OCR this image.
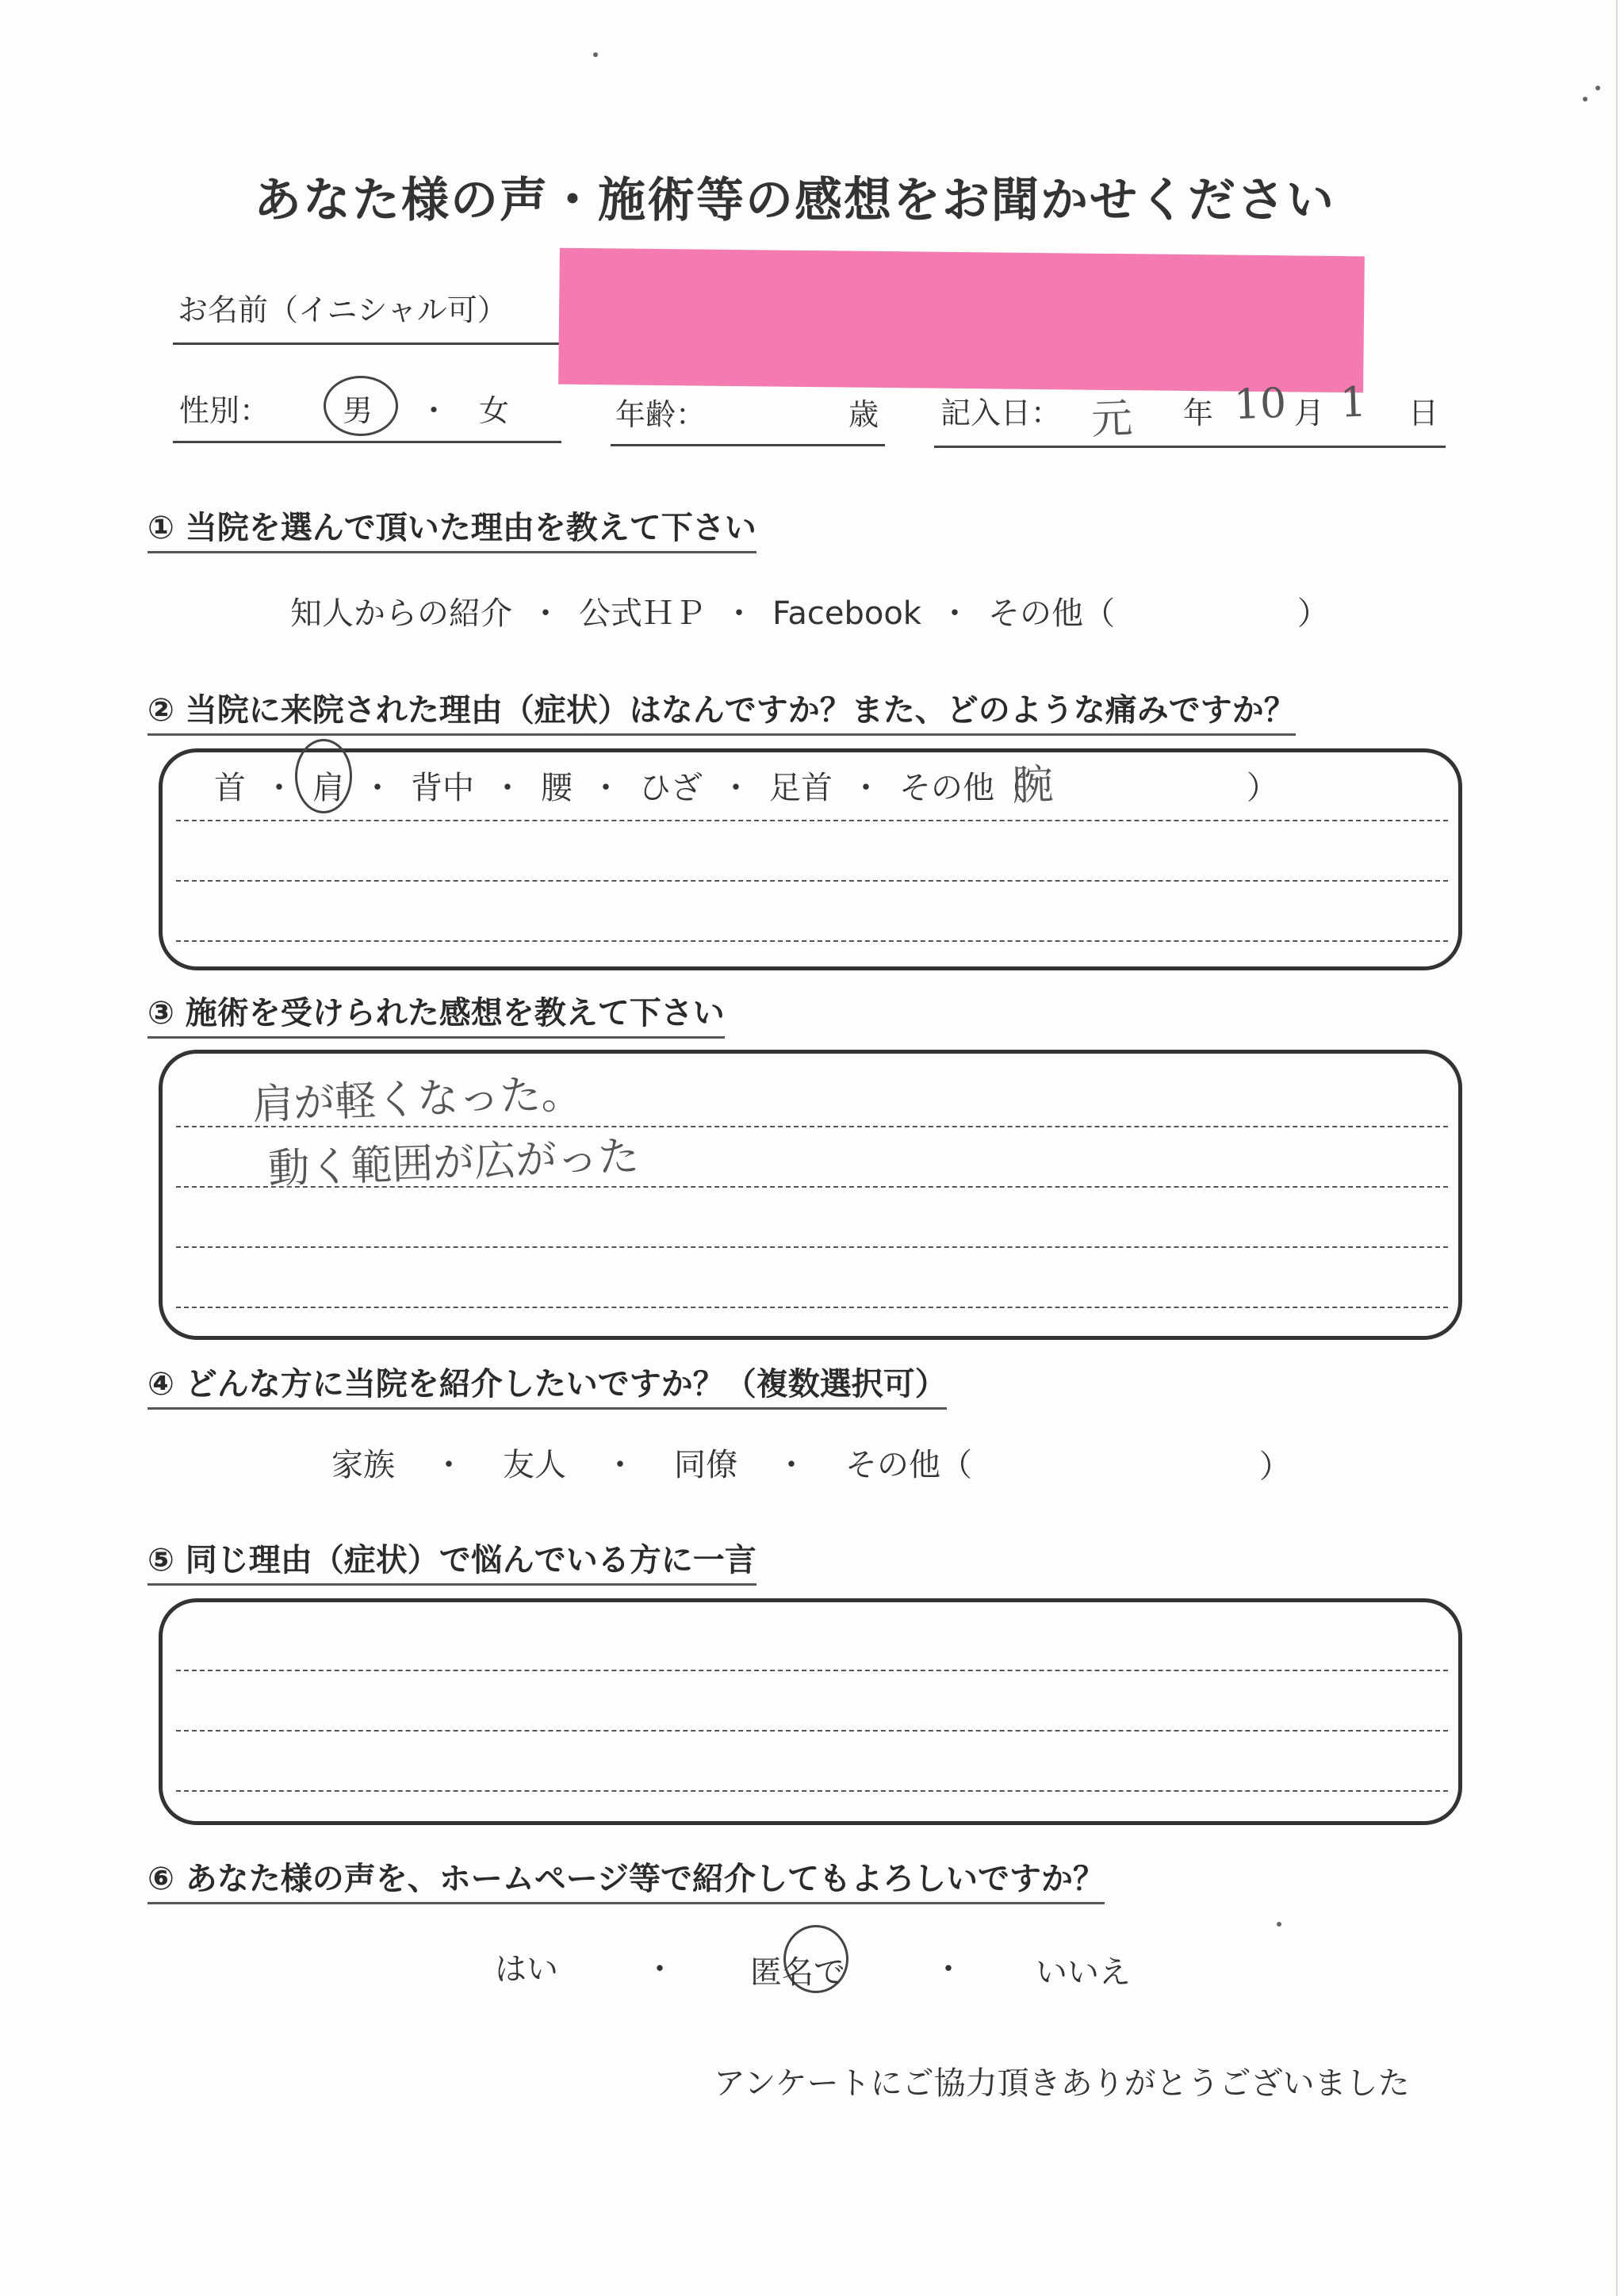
あなた様の声・施術等の感想をお聞かせください
お名前（イニシャル可）
性別： 男 ・ 女	年齢：	歳 記入日： 元 年 10 月 1 日
① 当院を選んで頂いた理由を教えて下さい
知人からの紹介 ・ 公式ＨＰ ・ Facebook ・ その他（	）
② 当院に来院された理由（症状）はなんですか？また、どのような痛みですか？
首 ・ 肩 ・ 背中 ・ 腰 ・ ひざ ・ 足首 ・ その他（
腕	）
③ 施術を受けられた感想を教えて下さい
肩が軽くなった。
動く範囲が広がった
④ どんな方に当院を紹介したいですか？（複数選択可）
家族 ・ 友人 ・ 同僚 ・ その他（	）
⑤ 同じ理由（症状）で悩んでいる方に一言
⑥ あなた様の声を、ホームページ等で紹介してもよろしいですか？
はい	・ 匿名で	・ いいえ
アンケートにご協力頂きありがとうございました
